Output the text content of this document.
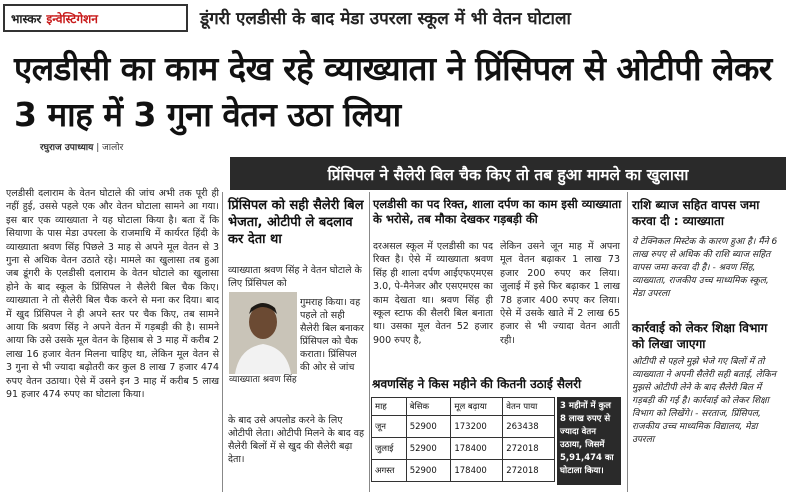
भास्कर इन्वेस्टिगेशन	डूंगरी एलडीसी के बाद मेडा उपरला स्कूल में भी वेतन घोटाला
एलडीसी का काम देख रहे व्याख्याता ने प्रिंसिपल से ओटीपी लेकर 3 माह में 3 गुना वेतन उठा लिया
रघुराज उपाध्याय | जालोर
प्रिंसिपल ने सैलेरी बिल चैक किए तो तब हुआ मामले का खुलासा
एलडीसी दलाराम के वेतन घोटाले की जांच अभी तक पूरी ही नहीं हुई, उससे पहले एक और वेतन घोटाला सामने आ गया। इस बार एक व्याख्याता ने यह घोटाला किया है। बता दें कि सियाणा के पास मेडा उपरला के राजमाधि में कार्यरत हिंदी के व्याख्याता श्रवण सिंह पिछले 3 माह से अपने मूल वेतन से 3 गुना से अधिक वेतन उठाते रहे। मामले का खुलासा तब हुआ जब डूंगरी के एलडीसी दलाराम के वेतन घोटाले का खुलासा होने के बाद स्कूल के प्रिंसिपल ने सैलेरी बिल चैक किए। व्याख्याता ने तो सैलेरी बिल चैक करने से मना कर दिया। बाद में खुद प्रिंसिपल ने ही अपने स्तर पर चैक किए, तब सामने आया कि श्रवण सिंह ने अपने वेतन में गड़बड़ी की है। सामने आया कि उसे उसके मूल वेतन के हिसाब से 3 माह में करीब 2 लाख 16 हजार वेतन मिलना चाहिए था, लेकिन मूल वेतन से 3 गुना से भी ज्यादा बढ़ोतरी कर कुल 8 लाख 7 हजार 474 रुपए वेतन उठाया। ऐसे में उसने इन 3 माह में करीब 5 लाख 91 हजार 474 रुपए का घोटाला किया।
प्रिंसिपल को सही सैलेरी बिल भेजता, ओटीपी ले बदलाव कर देता था
व्याख्याता श्रवण सिंह ने वेतन घोटाले के लिए प्रिंसिपल को
व्याख्याता श्रवण सिंह
गुमराह किया। वह पहले तो सही सैलेरी बिल बनाकर प्रिंसिपल को चैक कराता। प्रिंसिपल की ओर से जांच
के बाद उसे अपलोड करने के लिए ओटीपी लेता। ओटीपी मिलने के बाद वह सैलेरी बिलों में से खुद की सैलेरी बढ़ा देता।
एलडीसी का पद रिक्त, शाला दर्पण का काम इसी व्याख्याता के भरोसे, तब मौका देखकर गड़बड़ी की
दरअसल स्कूल में एलडीसी का पद रिक्त है। ऐसे में व्याख्याता श्रवण सिंह ही शाला दर्पण आईएफएमएस 3.0, पे-मैनेजर और एसएमएस का काम देखता था। श्रवण सिंह ही स्कूल स्टाफ की सैलरी बिल बनाता था। उसका मूल वेतन 52 हजार 900 रुपए है,
लेकिन उसने जून माह में अपना मूल वेतन बढ़ाकर 1 लाख 73 हजार 200 रुपए कर लिया। जुलाई में इसे फिर बढ़ाकर 1 लाख 78 हजार 400 रुपए कर लिया। ऐसे में उसके खाते में 2 लाख 65 हजार से भी ज्यादा वेतन आती रही।
श्रवणसिंह ने किस महीने की कितनी उठाई सैलरी
माह	बेसिक	मूल बढ़ाया	वेतन पाया	
जून	52900	173200	263438	
जुलाई	52900	178400	272018	
अगस्त	52900	178400	272018	
3 महीनों में कुल 8 लाख रुपए से ज्यादा वेतन उठाया, जिसमें 5,91,474 का घोटाला किया।
राशि ब्याज सहित वापस जमा करवा दी : व्याख्याता
ये टेक्निकल मिस्टेक के कारण हुआ है। मैंने 6 लाख रुपए से अधिक की राशि ब्याज सहित वापस जमा करवा दी है। - श्रवण सिंह, व्याख्याता, राजकीय उच्च माध्यमिक स्कूल, मेडा उपरला
कार्रवाई को लेकर शिक्षा विभाग को लिखा जाएगा
ओटीपी से पहले मुझे भेजे गए बिलों में तो व्याख्याता ने अपनी सैलेरी सही बताई, लेकिन मुझसे ओटीपी लेने के बाद सैलेरी बिल में गड़बड़ी की गई है। कार्रवाई को लेकर शिक्षा विभाग को लिखेंगे। - सरताज, प्रिंसिपल, राजकीय उच्च माध्यमिक विद्यालय, मेडा उपरला
